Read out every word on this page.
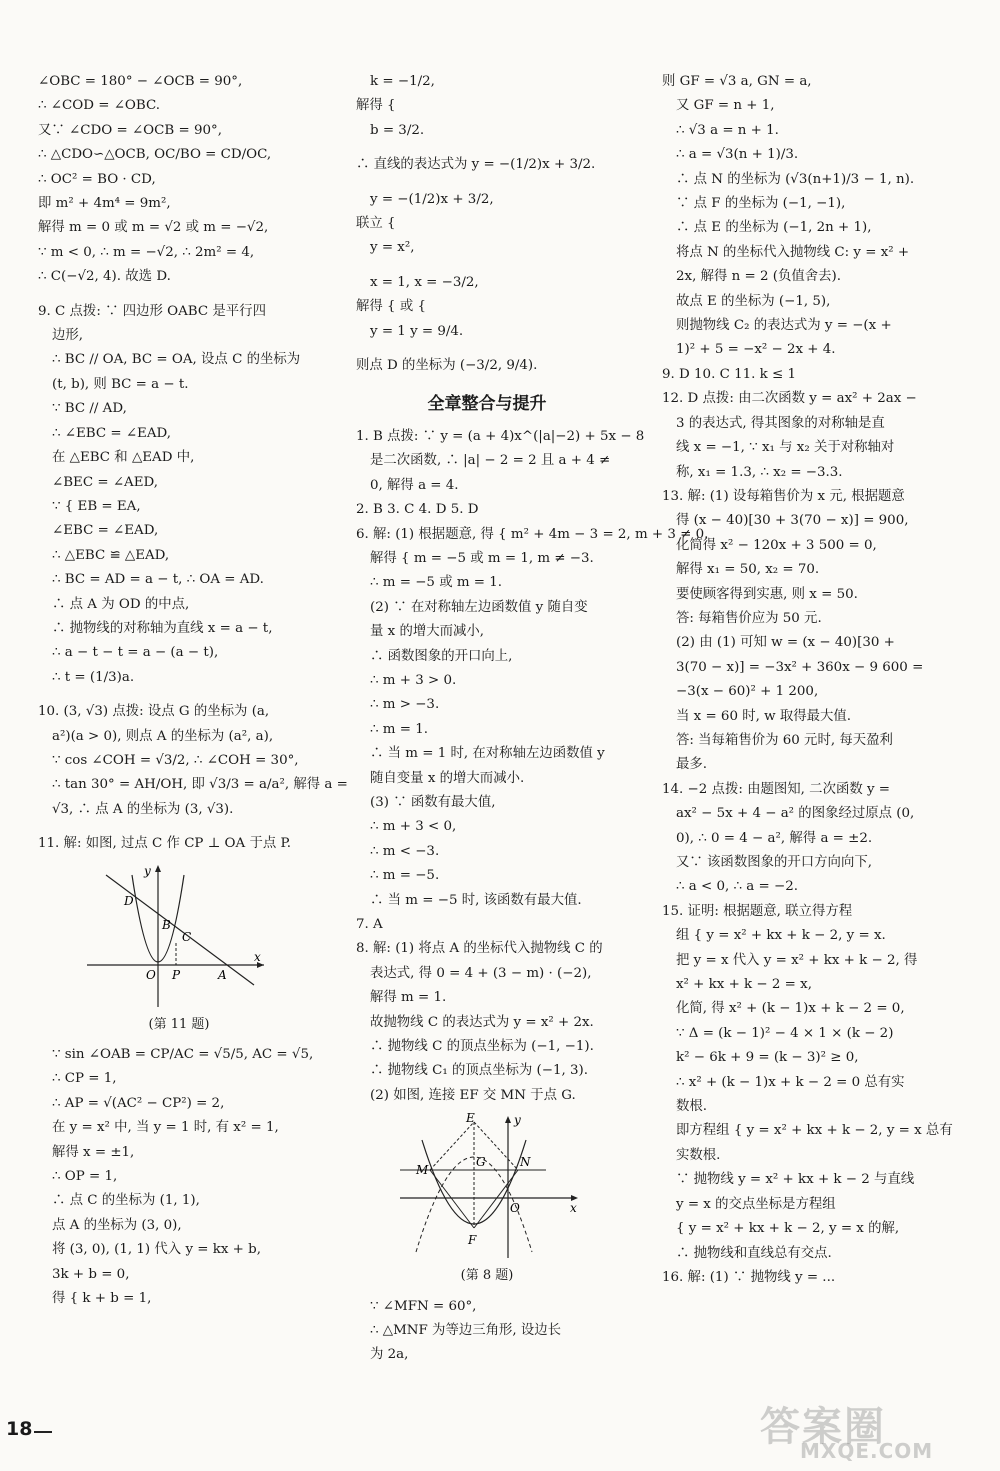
∠OBC = 180° − ∠OCB = 90°,
∴ ∠COD = ∠OBC.
又∵ ∠CDO = ∠OCB = 90°,
∴ △CDO∽△OCB, OC/BO = CD/OC,
∴ OC² = BO · CD,
即 m² + 4m⁴ = 9m²,
解得 m = 0 或 m = √2 或 m = −√2,
∵ m < 0, ∴ m = −√2, ∴ 2m² = 4,
∴ C(−√2, 4). 故选 D.
9. C 点拨: ∵ 四边形 OABC 是平行四
边形,
∴ BC // OA, BC = OA, 设点 C 的坐标为
(t, b), 则 BC = a − t.
∵ BC // AD,
∴ ∠EBC = ∠EAD,
在 △EBC 和 △EAD 中,
∠BEC = ∠AED,
∵ { EB = EA,
∠EBC = ∠EAD,
∴ △EBC ≌ △EAD,
∴ BC = AD = a − t, ∴ OA = AD.
∴ 点 A 为 OD 的中点,
∴ 抛物线的对称轴为直线 x = a − t,
∴ a − t − t = a − (a − t),
∴ t = (1/3)a.
10. (3, √3) 点拨: 设点 G 的坐标为 (a,
a²)(a > 0), 则点 A 的坐标为 (a², a),
∵ cos ∠COH = √3/2, ∴ ∠COH = 30°,
∴ tan 30° = AH/OH, 即 √3/3 = a/a², 解得 a =
√3, ∴ 点 A 的坐标为 (3, √3).
11. 解: 如图, 过点 C 作 CP ⊥ OA 于点 P.
y
x
D
B
C
O P	A
(第 11 题)
∵ sin ∠OAB = CP/AC = √5/5, AC = √5,
∴ CP = 1,
∴ AP = √(AC² − CP²) = 2,
在 y = x² 中, 当 y = 1 时, 有 x² = 1,
解得 x = ±1,
∴ OP = 1,
∴ 点 C 的坐标为 (1, 1),
点 A 的坐标为 (3, 0),
将 (3, 0), (1, 1) 代入 y = kx + b,
3k + b = 0,
得 { k + b = 1,
k = −1/2,
解得 {
b = 3/2.
∴ 直线的表达式为 y = −(1/2)x + 3/2.
y = −(1/2)x + 3/2,
联立 {
y = x²,
x = 1, x = −3/2,
解得 { 或 {
y = 1 y = 9/4.
则点 D 的坐标为 (−3/2, 9/4).
全章整合与提升
1. B 点拨: ∵ y = (a + 4)x^(|a|−2) + 5x − 8
是二次函数, ∴ |a| − 2 = 2 且 a + 4 ≠
0, 解得 a = 4.
2. B 3. C 4. D 5. D
6. 解: (1) 根据题意, 得 { m² + 4m − 3 = 2, m + 3 ≠ 0.
解得 { m = −5 或 m = 1, m ≠ −3.
∴ m = −5 或 m = 1.
(2) ∵ 在对称轴左边函数值 y 随自变
量 x 的增大而减小,
∴ 函数图象的开口向上,
∴ m + 3 > 0.
∴ m > −3.
∴ m = 1.
∴ 当 m = 1 时, 在对称轴左边函数值 y
随自变量 x 的增大而减小.
(3) ∵ 函数有最大值,
∴ m + 3 < 0,
∴ m < −3.
∴ m = −5.
∴ 当 m = −5 时, 该函数有最大值.
7. A
8. 解: (1) 将点 A 的坐标代入抛物线 C 的
表达式, 得 0 = 4 + (3 − m) · (−2),
解得 m = 1.
故抛物线 C 的表达式为 y = x² + 2x.
∴ 抛物线 C 的顶点坐标为 (−1, −1).
∴ 抛物线 C₁ 的顶点坐标为 (−1, 3).
(2) 如图, 连接 EF 交 MN 于点 G.
E	y
M
G	N
O	x
F
(第 8 题)
∵ ∠MFN = 60°,
∴ △MNF 为等边三角形, 设边长
为 2a,
则 GF = √3 a, GN = a,
又 GF = n + 1,
∴ √3 a = n + 1.
∴ a = √3(n + 1)/3.
∴ 点 N 的坐标为 (√3(n+1)/3 − 1, n).
∵ 点 F 的坐标为 (−1, −1),
∴ 点 E 的坐标为 (−1, 2n + 1),
将点 N 的坐标代入抛物线 C: y = x² +
2x, 解得 n = 2 (负值舍去).
故点 E 的坐标为 (−1, 5),
则抛物线 C₂ 的表达式为 y = −(x +
1)² + 5 = −x² − 2x + 4.
9. D 10. C 11. k ≤ 1
12. D 点拨: 由二次函数 y = ax² + 2ax −
3 的表达式, 得其图象的对称轴是直
线 x = −1, ∵ x₁ 与 x₂ 关于对称轴对
称, x₁ = 1.3, ∴ x₂ = −3.3.
13. 解: (1) 设每箱售价为 x 元, 根据题意
得 (x − 40)[30 + 3(70 − x)] = 900,
化简得 x² − 120x + 3 500 = 0,
解得 x₁ = 50, x₂ = 70.
要使顾客得到实惠, 则 x = 50.
答: 每箱售价应为 50 元.
(2) 由 (1) 可知 w = (x − 40)[30 +
3(70 − x)] = −3x² + 360x − 9 600 =
−3(x − 60)² + 1 200,
当 x = 60 时, w 取得最大值.
答: 当每箱售价为 60 元时, 每天盈利
最多.
14. −2 点拨: 由题图知, 二次函数 y =
ax² − 5x + 4 − a² 的图象经过原点 (0,
0), ∴ 0 = 4 − a², 解得 a = ±2.
又∵ 该函数图象的开口方向向下,
∴ a < 0, ∴ a = −2.
15. 证明: 根据题意, 联立得方程
组 { y = x² + kx + k − 2, y = x.
把 y = x 代入 y = x² + kx + k − 2, 得
x² + kx + k − 2 = x,
化简, 得 x² + (k − 1)x + k − 2 = 0,
∵ Δ = (k − 1)² − 4 × 1 × (k − 2)
k² − 6k + 9 = (k − 3)² ≥ 0,
∴ x² + (k − 1)x + k − 2 = 0 总有实
数根.
即方程组 { y = x² + kx + k − 2, y = x 总有
实数根.
∵ 抛物线 y = x² + kx + k − 2 与直线
y = x 的交点坐标是方程组
{ y = x² + kx + k − 2, y = x 的解,
∴ 抛物线和直线总有交点.
16. 解: (1) ∵ 抛物线 y = ...
18	答案圈
MXQE.COM
